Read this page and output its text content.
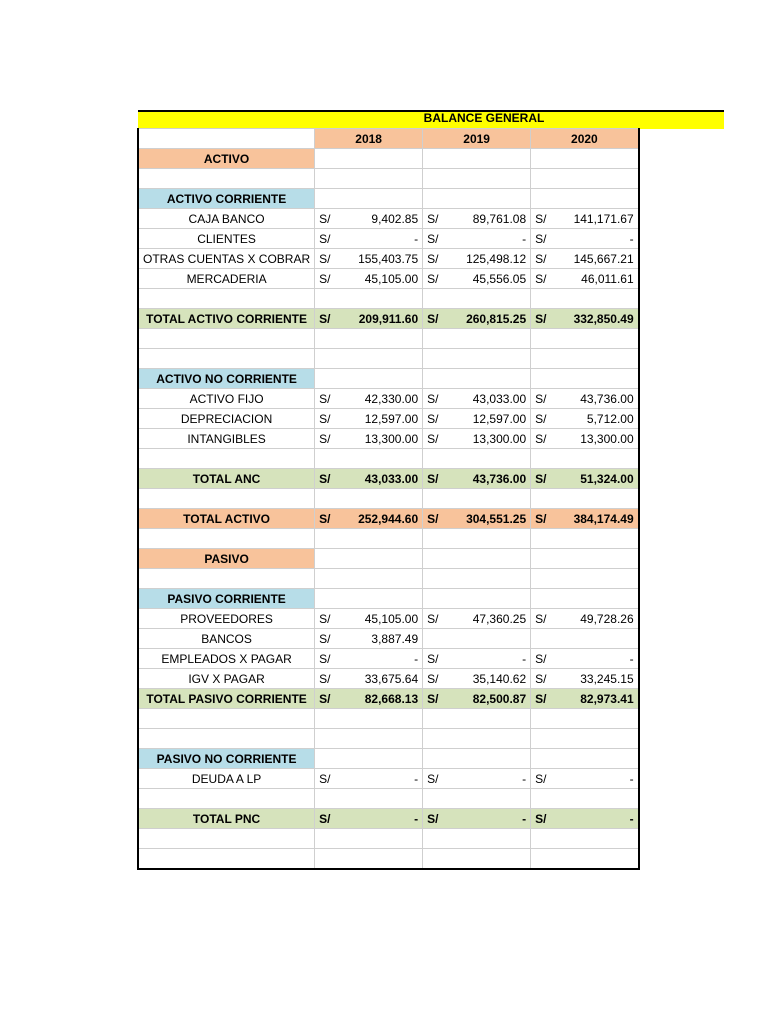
BALANCE GENERAL
	2018	2019	2020
ACTIVO			

ACTIVO CORRIENTE			
CAJA BANCO	S/ 9,402.85	S/ 89,761.08	S/ 141,171.67

CLIENTES	S/ -	S/ -	S/ -

OTRAS CUENTAS X COBRAR	S/ 155,403.75	S/ 125,498.12	S/ 145,667.21

MERCADERIA	S/ 45,105.00	S/ 45,556.05	S/ 46,011.61

TOTAL ACTIVO CORRIENTE	S/ 209,911.60	S/ 260,815.25	S/ 332,850.49

ACTIVO NO CORRIENTE			
ACTIVO FIJO	S/ 42,330.00	S/ 43,033.00	S/ 43,736.00

DEPRECIACION	S/ 12,597.00	S/ 12,597.00	S/ 5,712.00

INTANGIBLES	S/ 13,300.00	S/ 13,300.00	S/ 13,300.00

TOTAL ANC	S/ 43,033.00	S/ 43,736.00	S/ 51,324.00

TOTAL ACTIVO	S/ 252,944.60	S/ 304,551.25	S/ 384,174.49

PASIVO			

PASIVO CORRIENTE			
PROVEEDORES	S/ 45,105.00	S/ 47,360.25	S/ 49,728.26

BANCOS	S/ 3,887.49		

EMPLEADOS X PAGAR	S/ -	S/ -	S/ -

IGV X PAGAR	S/ 33,675.64	S/ 35,140.62	S/ 33,245.15

TOTAL PASIVO CORRIENTE	S/ 82,668.13	S/ 82,500.87	S/ 82,973.41

PASIVO NO CORRIENTE			
DEUDA A LP	S/ -	S/ -	S/ -

TOTAL PNC	S/ -	S/ -	S/ -
